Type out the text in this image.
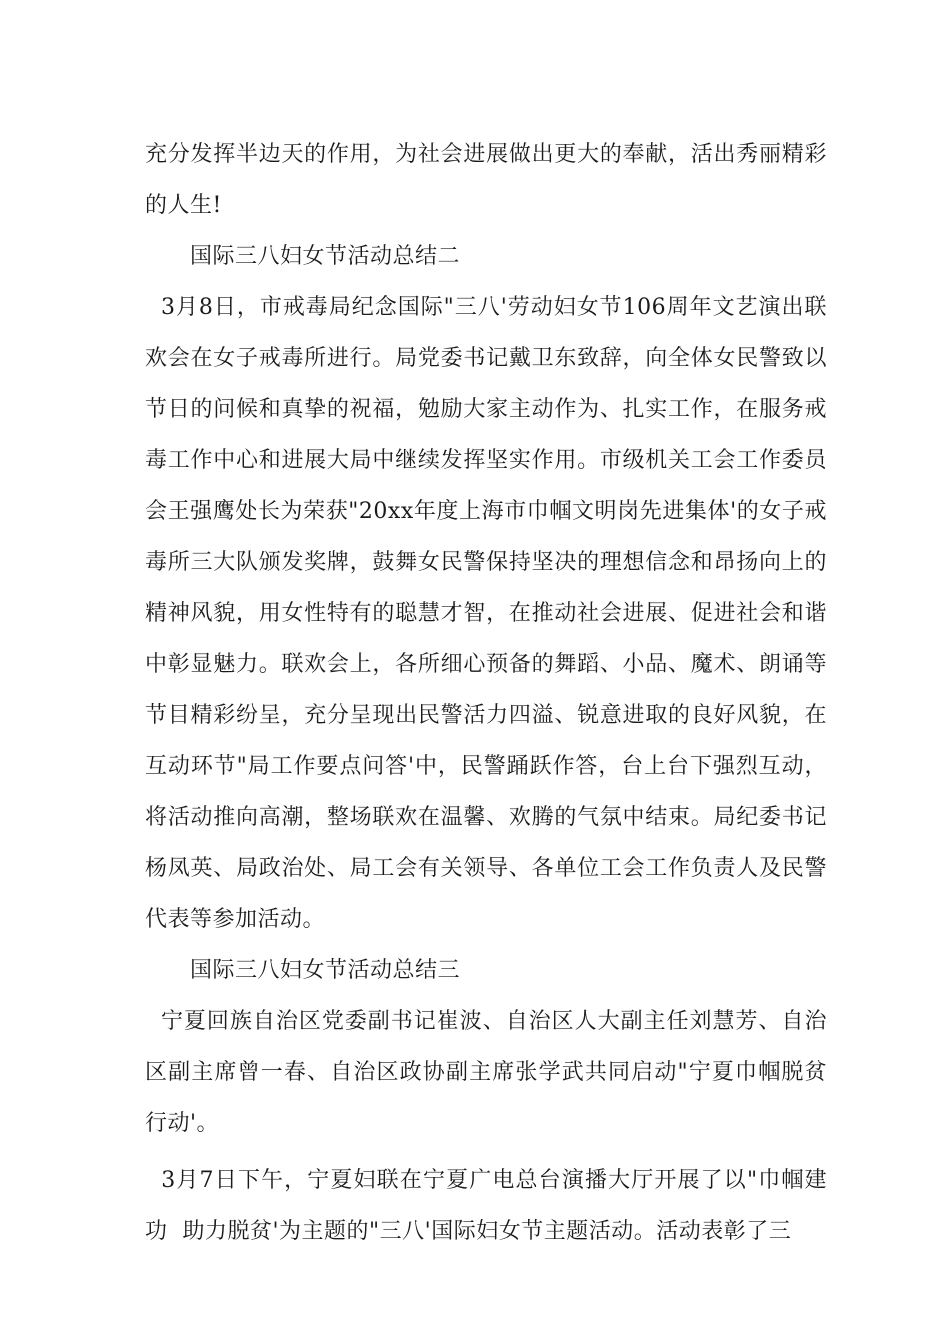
充分发挥半边天的作用，为社会进展做出更大的奉献，活出秀丽精彩的人生!

国际三八妇女节活动总结二

3月8日，市戒毒局纪念国际"三八'劳动妇女节106周年文艺演出联欢会在女子戒毒所进行。局党委书记戴卫东致辞，向全体女民警致以节日的问候和真挚的祝福，勉励大家主动作为、扎实工作，在服务戒毒工作中心和进展大局中继续发挥坚实作用。市级机关工会工作委员会王强鹰处长为荣获"20xx年度上海市巾帼文明岗先进集体'的女子戒毒所三大队颁发奖牌，鼓舞女民警保持坚决的理想信念和昂扬向上的精神风貌，用女性特有的聪慧才智，在推动社会进展、促进社会和谐中彰显魅力。联欢会上，各所细心预备的舞蹈、小品、魔术、朗诵等节目精彩纷呈，充分呈现出民警活力四溢、锐意进取的良好风貌，在互动环节"局工作要点问答'中，民警踊跃作答，台上台下强烈互动，将活动推向高潮，整场联欢在温馨、欢腾的气氛中结束。局纪委书记杨凤英、局政治处、局工会有关领导、各单位工会工作负责人及民警代表等参加活动。

国际三八妇女节活动总结三

宁夏回族自治区党委副书记崔波、自治区人大副主任刘慧芳、自治区副主席曾一春、自治区政协副主席张学武共同启动"宁夏巾帼脱贫行动'。

3月7日下午，宁夏妇联在宁夏广电总台演播大厅开展了以"巾帼建功  助力脱贫'为主题的"三八'国际妇女节主题活动。活动表彰了三
